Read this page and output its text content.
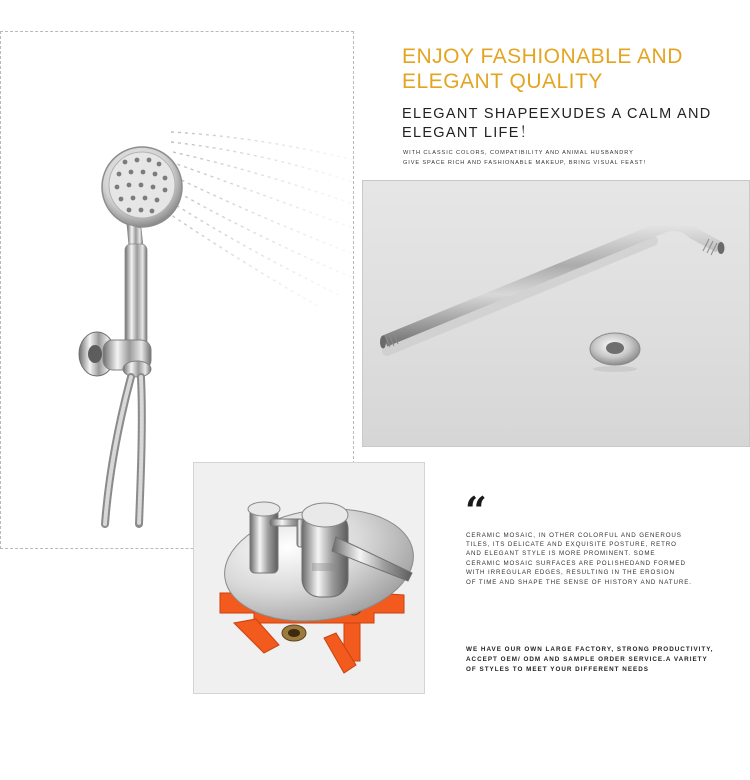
ENJOY FASHIONABLE AND
ELEGANT QUALITY
ELEGANT SHAPEEXUDES A CALM AND
ELEGANT LIFE！
WITH CLASSIC COLORS, COMPATIBILITY AND ANIMAL HUSBANDRY
GIVE SPACE RICH AND FASHIONABLE MAKEUP, BRING VISUAL FEAST!
“
CERAMIC MOSAIC, IN OTHER COLORFUL AND GENEROUS
TILES, ITS DELICATE AND EXQUISITE POSTURE, RETRO
AND ELEGANT STYLE IS MORE PROMINENT. SOME
CERAMIC MOSAIC SURFACES ARE POLISHEDAND FORMED
WITH IRREGULAR EDGES, RESULTING IN THE EROSION
OF TIME AND SHAPE THE SENSE OF HISTORY AND NATURE.
WE HAVE OUR OWN LARGE FACTORY, STRONG PRODUCTIVITY,
ACCEPT OEM/ ODM AND SAMPLE ORDER SERVICE.A VARIETY
OF STYLES TO MEET YOUR DIFFERENT NEEDS
